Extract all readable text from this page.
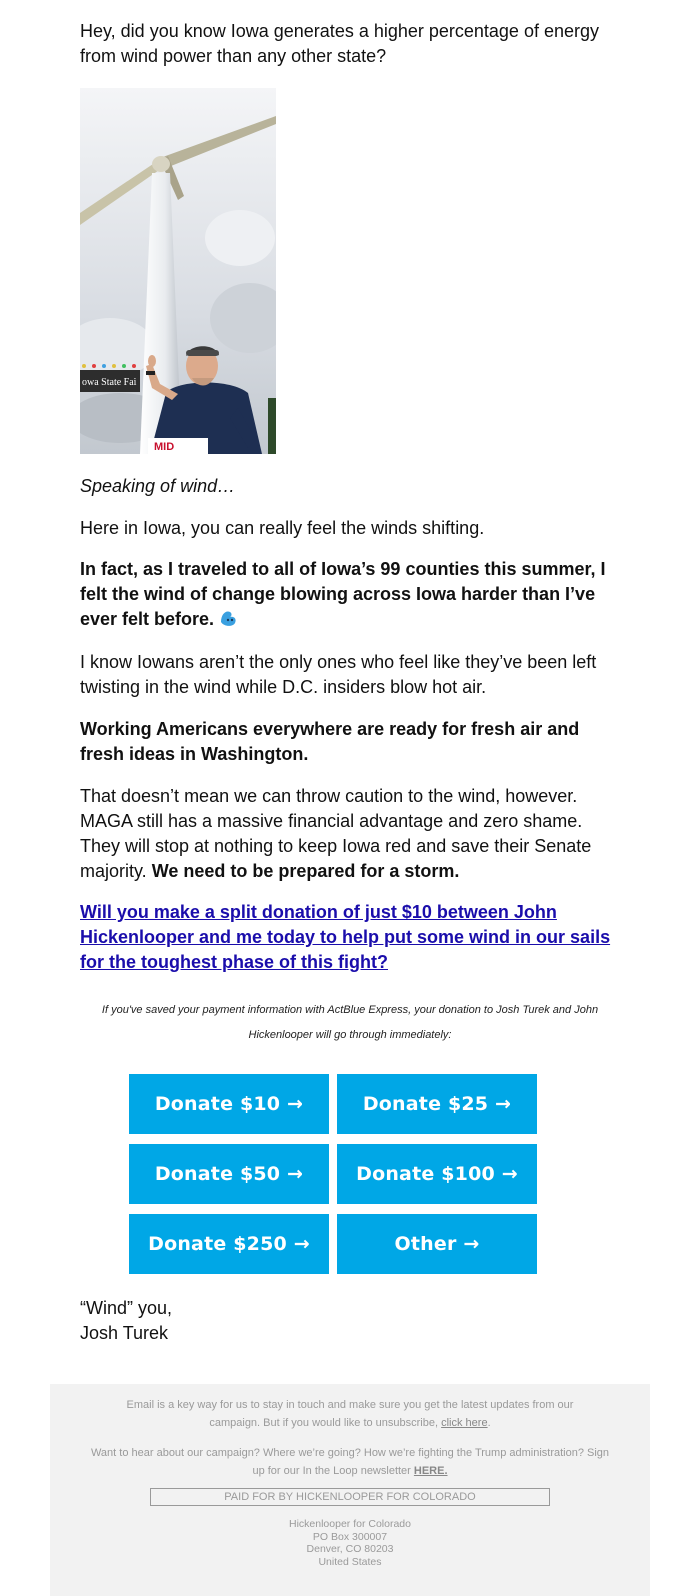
Hey, did you know Iowa generates a higher percentage of energy from wind power than any other state?

owa State Fai
MID

Speaking of wind…

Here in Iowa, you can really feel the winds shifting.

In fact, as I traveled to all of Iowa’s 99 counties this summer, I felt the wind of change blowing across Iowa harder than I’ve ever felt before.

I know Iowans aren’t the only ones who feel like they’ve been left twisting in the wind while D.C. insiders blow hot air.

Working Americans everywhere are ready for fresh air and fresh ideas in Washington.

That doesn’t mean we can throw caution to the wind, however. MAGA still has a massive financial advantage and zero shame. They will stop at nothing to keep Iowa red and save their Senate majority. We need to be prepared for a storm.

Will you make a split donation of just $10 between John Hickenlooper and me today to help put some wind in our sails for the toughest phase of this fight?

If you've saved your payment information with ActBlue Express, your donation to Josh Turek and John Hickenlooper will go through immediately:
Donate $10 →	Donate $25 →
Donate $50 →	Donate $100 →
Donate $250 →	Other →

“Wind” you,

Josh Turek

Email is a key way for us to stay in touch and make sure you get the latest updates from our campaign. But if you would like to unsubscribe, click here.

Want to hear about our campaign? Where we’re going? How we’re fighting the Trump administration? Sign up for our In the Loop newsletter HERE.

PAID FOR BY HICKENLOOPER FOR COLORADO
Hickenlooper for Colorado
PO Box 300007
Denver, CO 80203
United States
